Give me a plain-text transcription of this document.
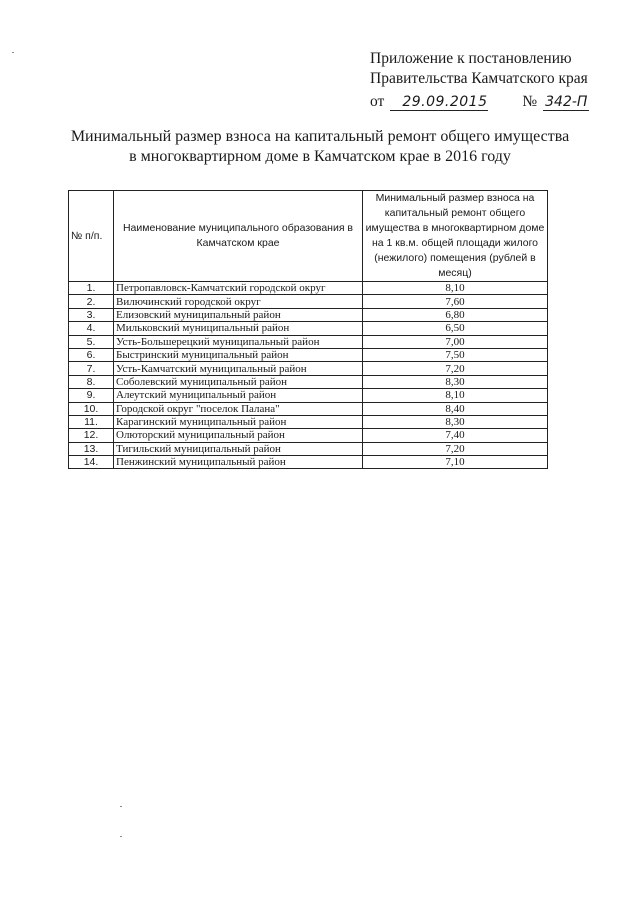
Приложение к постановлению
Правительства Камчатского края
от 29.09.2015 № 342-П
Минимальный размер взноса на капитальный ремонт общего имущества
в многоквартирном доме в Камчатском крае в 2016 году
№ п/п.	Наименование муниципального образования в Камчатском крае	Минимальный размер взноса на капитальный ремонт общего имущества в многоквартирном доме на 1 кв.м. общей площади жилого (нежилого) помещения (рублей в месяц)
1.	Петропавловск-Камчатский городской округ	8,10
2.	Вилючинский городской округ	7,60
3.	Елизовский муниципальный район	6,80
4.	Мильковский муниципальный район	6,50
5.	Усть-Большерецкий муниципальный район	7,00
6.	Быстринский муниципальный район	7,50
7.	Усть-Камчатский муниципальный район	7,20
8.	Соболевский муниципальный район	8,30
9.	Алеутский муниципальный район	8,10
10.	Городской округ "поселок Палана"	8,40
11.	Карагинский муниципальный район	8,30
12.	Олюторский муниципальный район	7,40
13.	Тигильский муниципальный район	7,20
14.	Пенжинский муниципальный район	7,10
